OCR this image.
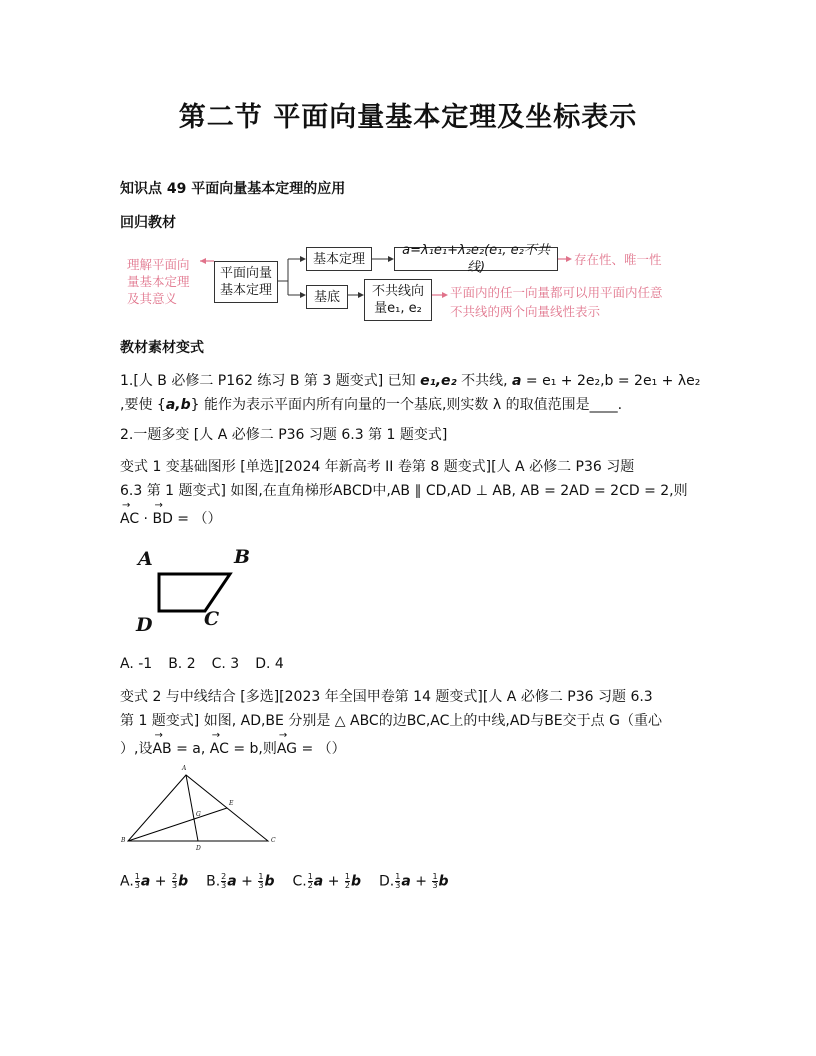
第二节 平面向量基本定理及坐标表示
知识点 49 平面向量基本定理的应用
回归教材
理解平面向
量基本定理
及其意义
平面向量
基本定理
基本定理
a=λ₁e₁+λ₂e₂(e₁, e₂不共线)
存在性、唯一性
基底	不共线向
量e₁, e₂
平面内的任一向量都可以用平面内任意
不共线的两个向量线性表示
教材素材变式
1.[人 B 必修二 P162 练习 B 第 3 题变式] 已知 e₁,e₂ 不共线, a = e₁ + 2e₂,b = 2e₁ + λe₂
,要使 {a,b} 能作为表示平面内所有向量的一个基底,则实数 λ 的取值范围是____.
2.一题多变 [人 A 必修二 P36 习题 6.3 第 1 题变式]
变式 1 变基础图形 [单选][2024 年新高考 II 卷第 8 题变式][人 A 必修二 P36 习题
6.3 第 1 题变式] 如图,在直角梯形ABCD中,AB ∥ CD,AD ⊥ AB, AB = 2AD = 2CD = 2,则
→ AC · → BD = （）
A	B
C
D
A. -1 B. 2 C. 3 D. 4
变式 2 与中线结合 [多选][2023 年全国甲卷第 14 题变式][人 A 必修二 P36 习题 6.3
第 1 题变式] 如图, AD,BE 分别是 △ ABC的边BC,AC上的中线,AD与BE交于点 G（重心
）,设→ AB = a, → AC = b,则→ AG = （）
A
B	C
D
E
G
A. $\frac{1}{3}$ $a + \frac{2}{3}$ b B. $\frac{2}{3}$ $a + \frac{1}{3}$ b C. $\frac{1}{2}$ $a + \frac{1}{2}$ b D. $\frac{1}{3}$ $a + \frac{1}{3}$ b
